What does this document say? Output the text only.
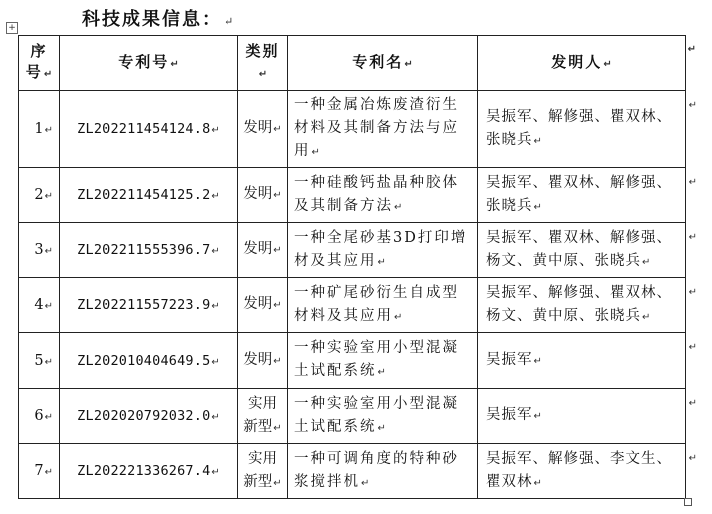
科技成果信息： ↵
+
序号↵	专利号↵	类别↵	专利名↵	发明人↵
↵

1↵	ZL202211454124.8↵	发明↵	一种金属冶炼废渣衍生材料及其制备方法与应用↵	吴振军、解修强、瞿双林、张晓兵↵
↵

2↵	ZL202211454125.2↵	发明↵	一种硅酸钙盐晶种胶体及其制备方法↵	吴振军、瞿双林、解修强、张晓兵↵
↵

3↵	ZL202211555396.7↵	发明↵	一种全尾砂基3D打印增材及其应用↵	吴振军、瞿双林、解修强、杨文、黄中原、张晓兵↵
↵

4↵	ZL202211557223.9↵	发明↵	一种矿尾砂衍生自成型材料及其应用↵	吴振军、解修强、瞿双林、杨文、黄中原、张晓兵↵
↵

5↵	ZL202010404649.5↵	发明↵	一种实验室用小型混凝土试配系统↵	吴振军↵
↵

6↵	ZL202020792032.0↵	实用新型↵	一种实验室用小型混凝土试配系统↵	吴振军↵
↵

7↵	ZL202221336267.4↵	实用新型↵	一种可调角度的特种砂浆搅拌机↵	吴振军、解修强、李文生、瞿双林↵
↵
